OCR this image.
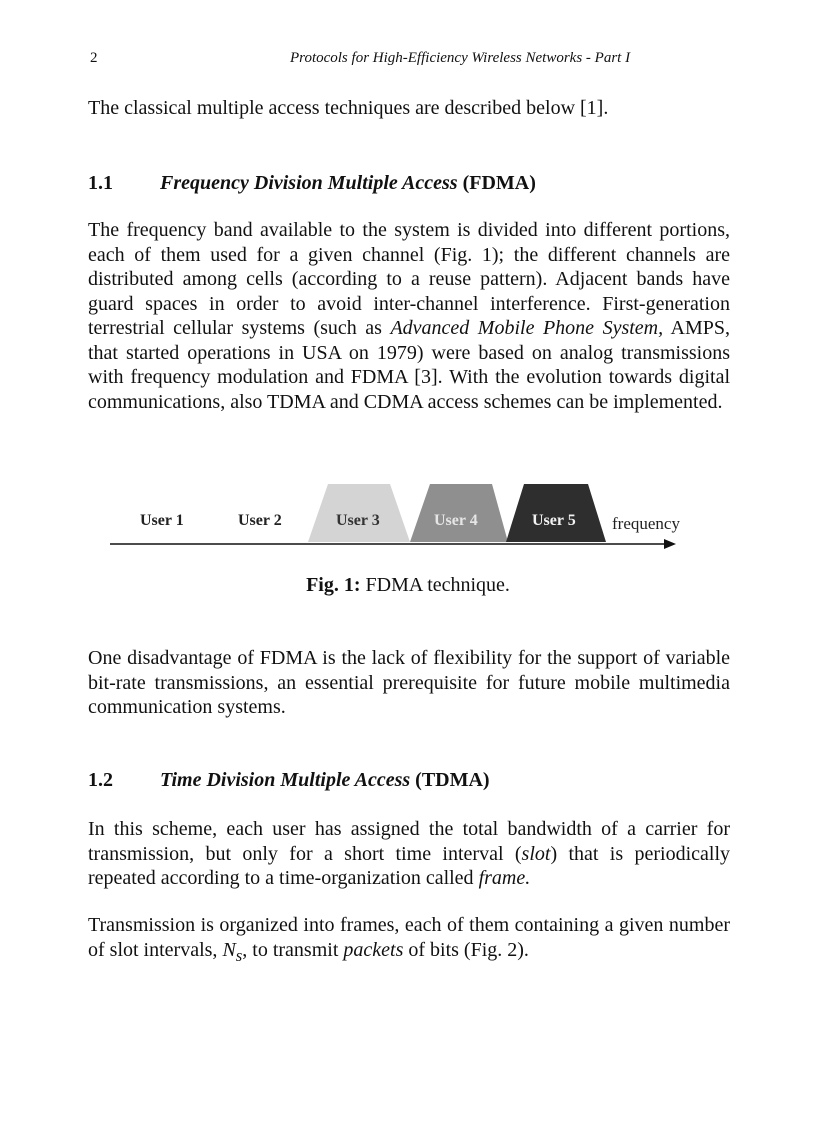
2	Protocols for High-Efficiency Wireless Networks - Part I
The classical multiple access techniques are described below [1].
1.1 Frequency Division Multiple Access (FDMA)
The frequency band available to the system is divided into different portions, each of them used for a given channel (Fig. 1); the different channels are distributed among cells (according to a reuse pattern). Adjacent bands have guard spaces in order to avoid inter-channel interference. First-generation terrestrial cellular systems (such as Advanced Mobile Phone System, AMPS, that started operations in USA on 1979) were based on analog transmissions with frequency modulation and FDMA [3]. With the evolution towards digital communications, also TDMA and CDMA access schemes can be implemented.
User 1	User 2	User 3	User 4	User 5 frequency
Fig. 1: FDMA technique.
One disadvantage of FDMA is the lack of flexibility for the support of variable bit-rate transmissions, an essential prerequisite for future mobile multimedia communication systems.
1.2 Time Division Multiple Access (TDMA)
In this scheme, each user has assigned the total bandwidth of a carrier for transmission, but only for a short time interval (slot) that is periodically repeated according to a time-organization called frame.
Transmission is organized into frames, each of them containing a given number of slot intervals, $N_s$, to transmit packets of bits (Fig. 2).
